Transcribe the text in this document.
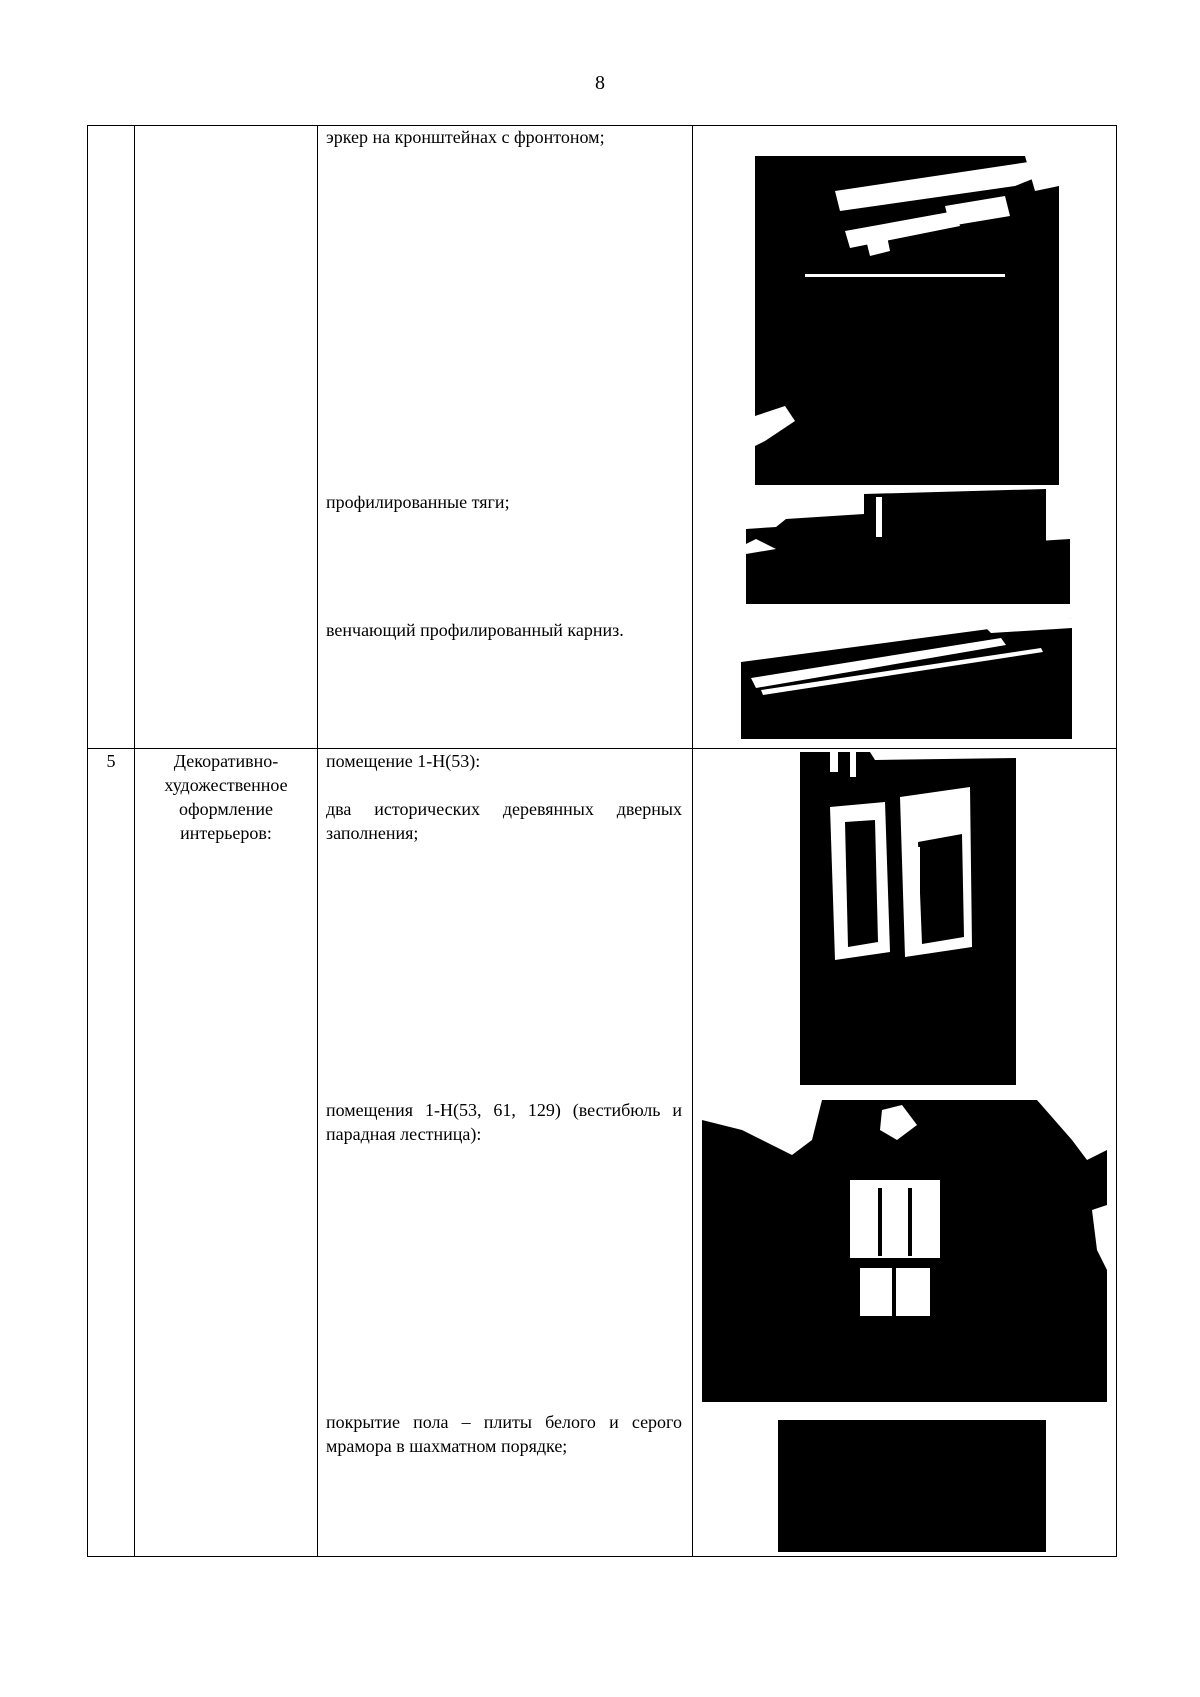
8
эркер на кронштейнах с фронтоном;
профилированные тяги;
венчающий профилированный карниз.
5	Декоративно-художественное оформление интерьеров:
помещение 1-Н(53):
два исторических деревянных дверных заполнения;
помещения 1-Н(53, 61, 129) (вестибюль и парадная лестница):
покрытие пола – плиты белого и серого мрамора в шахматном порядке;
